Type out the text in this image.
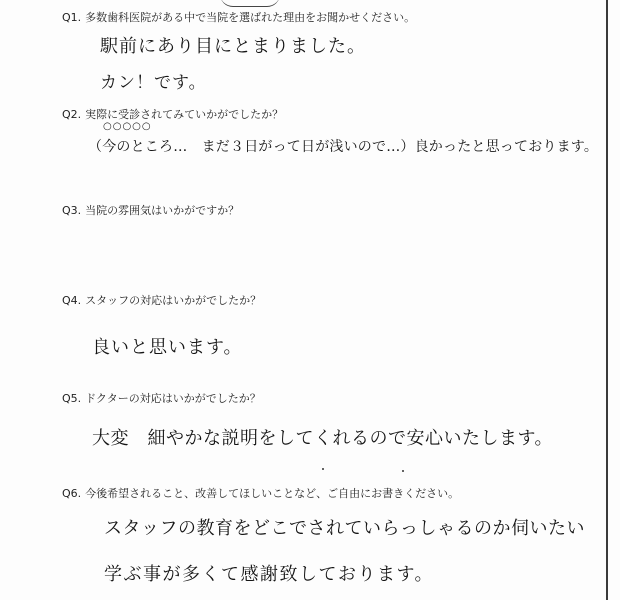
Q1. 多数歯科医院がある中で当院を選ばれた理由をお聞かせください。
駅前にあり目にとまりました。
カン！です。
Q2. 実際に受診されてみていかがでしたか？
○○○○○
（今のところ…　まだ３日がって日が浅いので…）良かったと思っております。
Q3. 当院の雰囲気はいかがですか？
Q4. スタッフの対応はいかがでしたか？
良いと思います。
Q5. ドクターの対応はいかがでしたか？
大変　細やかな説明をしてくれるので安心いたします。
Q6. 今後希望されること、改善してほしいことなど、ご自由にお書きください。
スタッフの教育をどこでされていらっしゃるのか伺いたい
学ぶ事が多くて感謝致しております。
